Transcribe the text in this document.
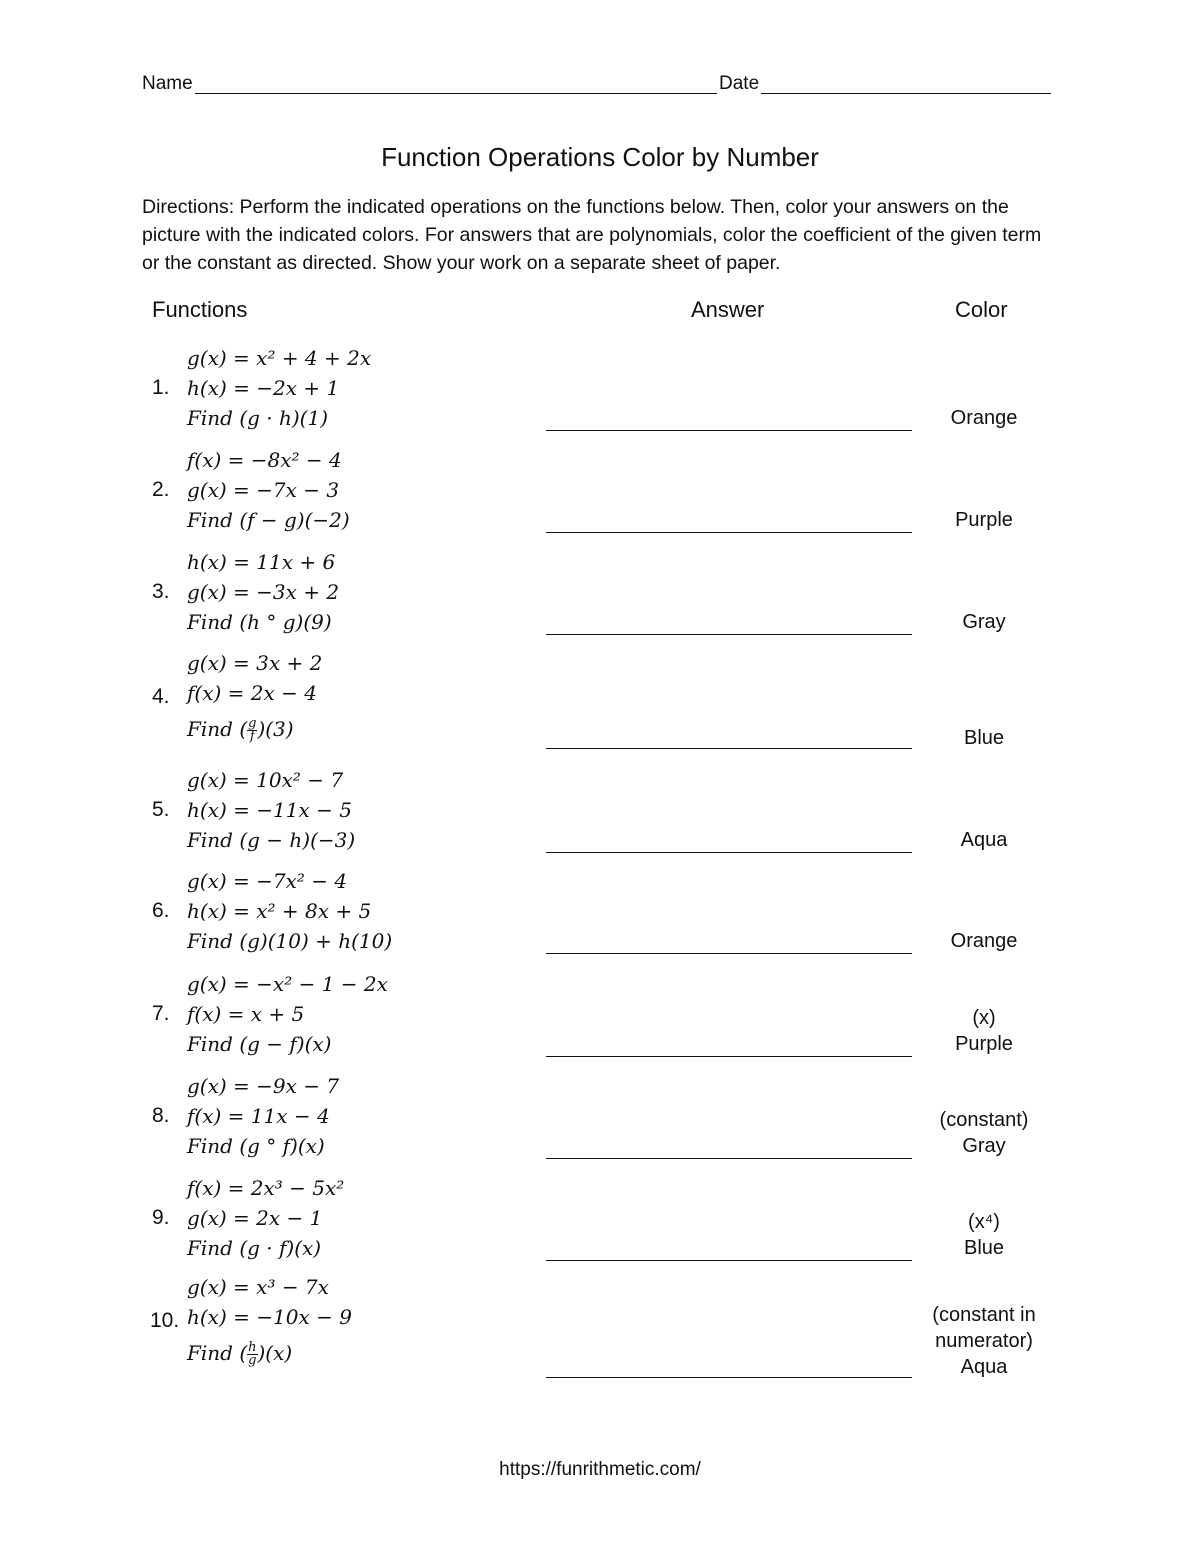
Name	Date
Function Operations Color by Number
Directions: Perform the indicated operations on the functions below. Then, color your answers on the picture with the indicated colors. For answers that are polynomials, color the coefficient of the given term or the constant as directed. Show your work on a separate sheet of paper.
Functions	Answer	Color
1.
g(x) = x² + 4 + 2x
h(x) = −2x + 1
Find (g · h)(1)	Orange
2.
f(x) = −8x² − 4
g(x) = −7x − 3
Find (f − g)(−2)	Purple
3.
h(x) = 11x + 6
g(x) = −3x + 2
Find (h ° g)(9)	Gray
4.
g(x) = 3x + 2
f(x) = 2x − 4
Find ( $\frac{g}{f} )(3)$	Blue
5.
g(x) = 10x² − 7
h(x) = −11x − 5
Find (g − h)(−3)	Aqua
6.
g(x) = −7x² − 4
h(x) = x² + 8x + 5
Find (g)(10) + h(10)	Orange
7.
g(x) = −x² − 1 − 2x
f(x) = x + 5
Find (g − f)(x)
(x)
Purple
8.
g(x) = −9x − 7
f(x) = 11x − 4
Find (g ° f)(x)
(constant)
Gray
9.
f(x) = 2x³ − 5x²
g(x) = 2x − 1
Find (g · f)(x)
(x⁴)
Blue
10.
g(x) = x³ − 7x
h(x) = −10x − 9
Find ( $\frac{h}{g} )(x)$
(constant in
numerator)
Aqua
https://funrithmetic.com/
